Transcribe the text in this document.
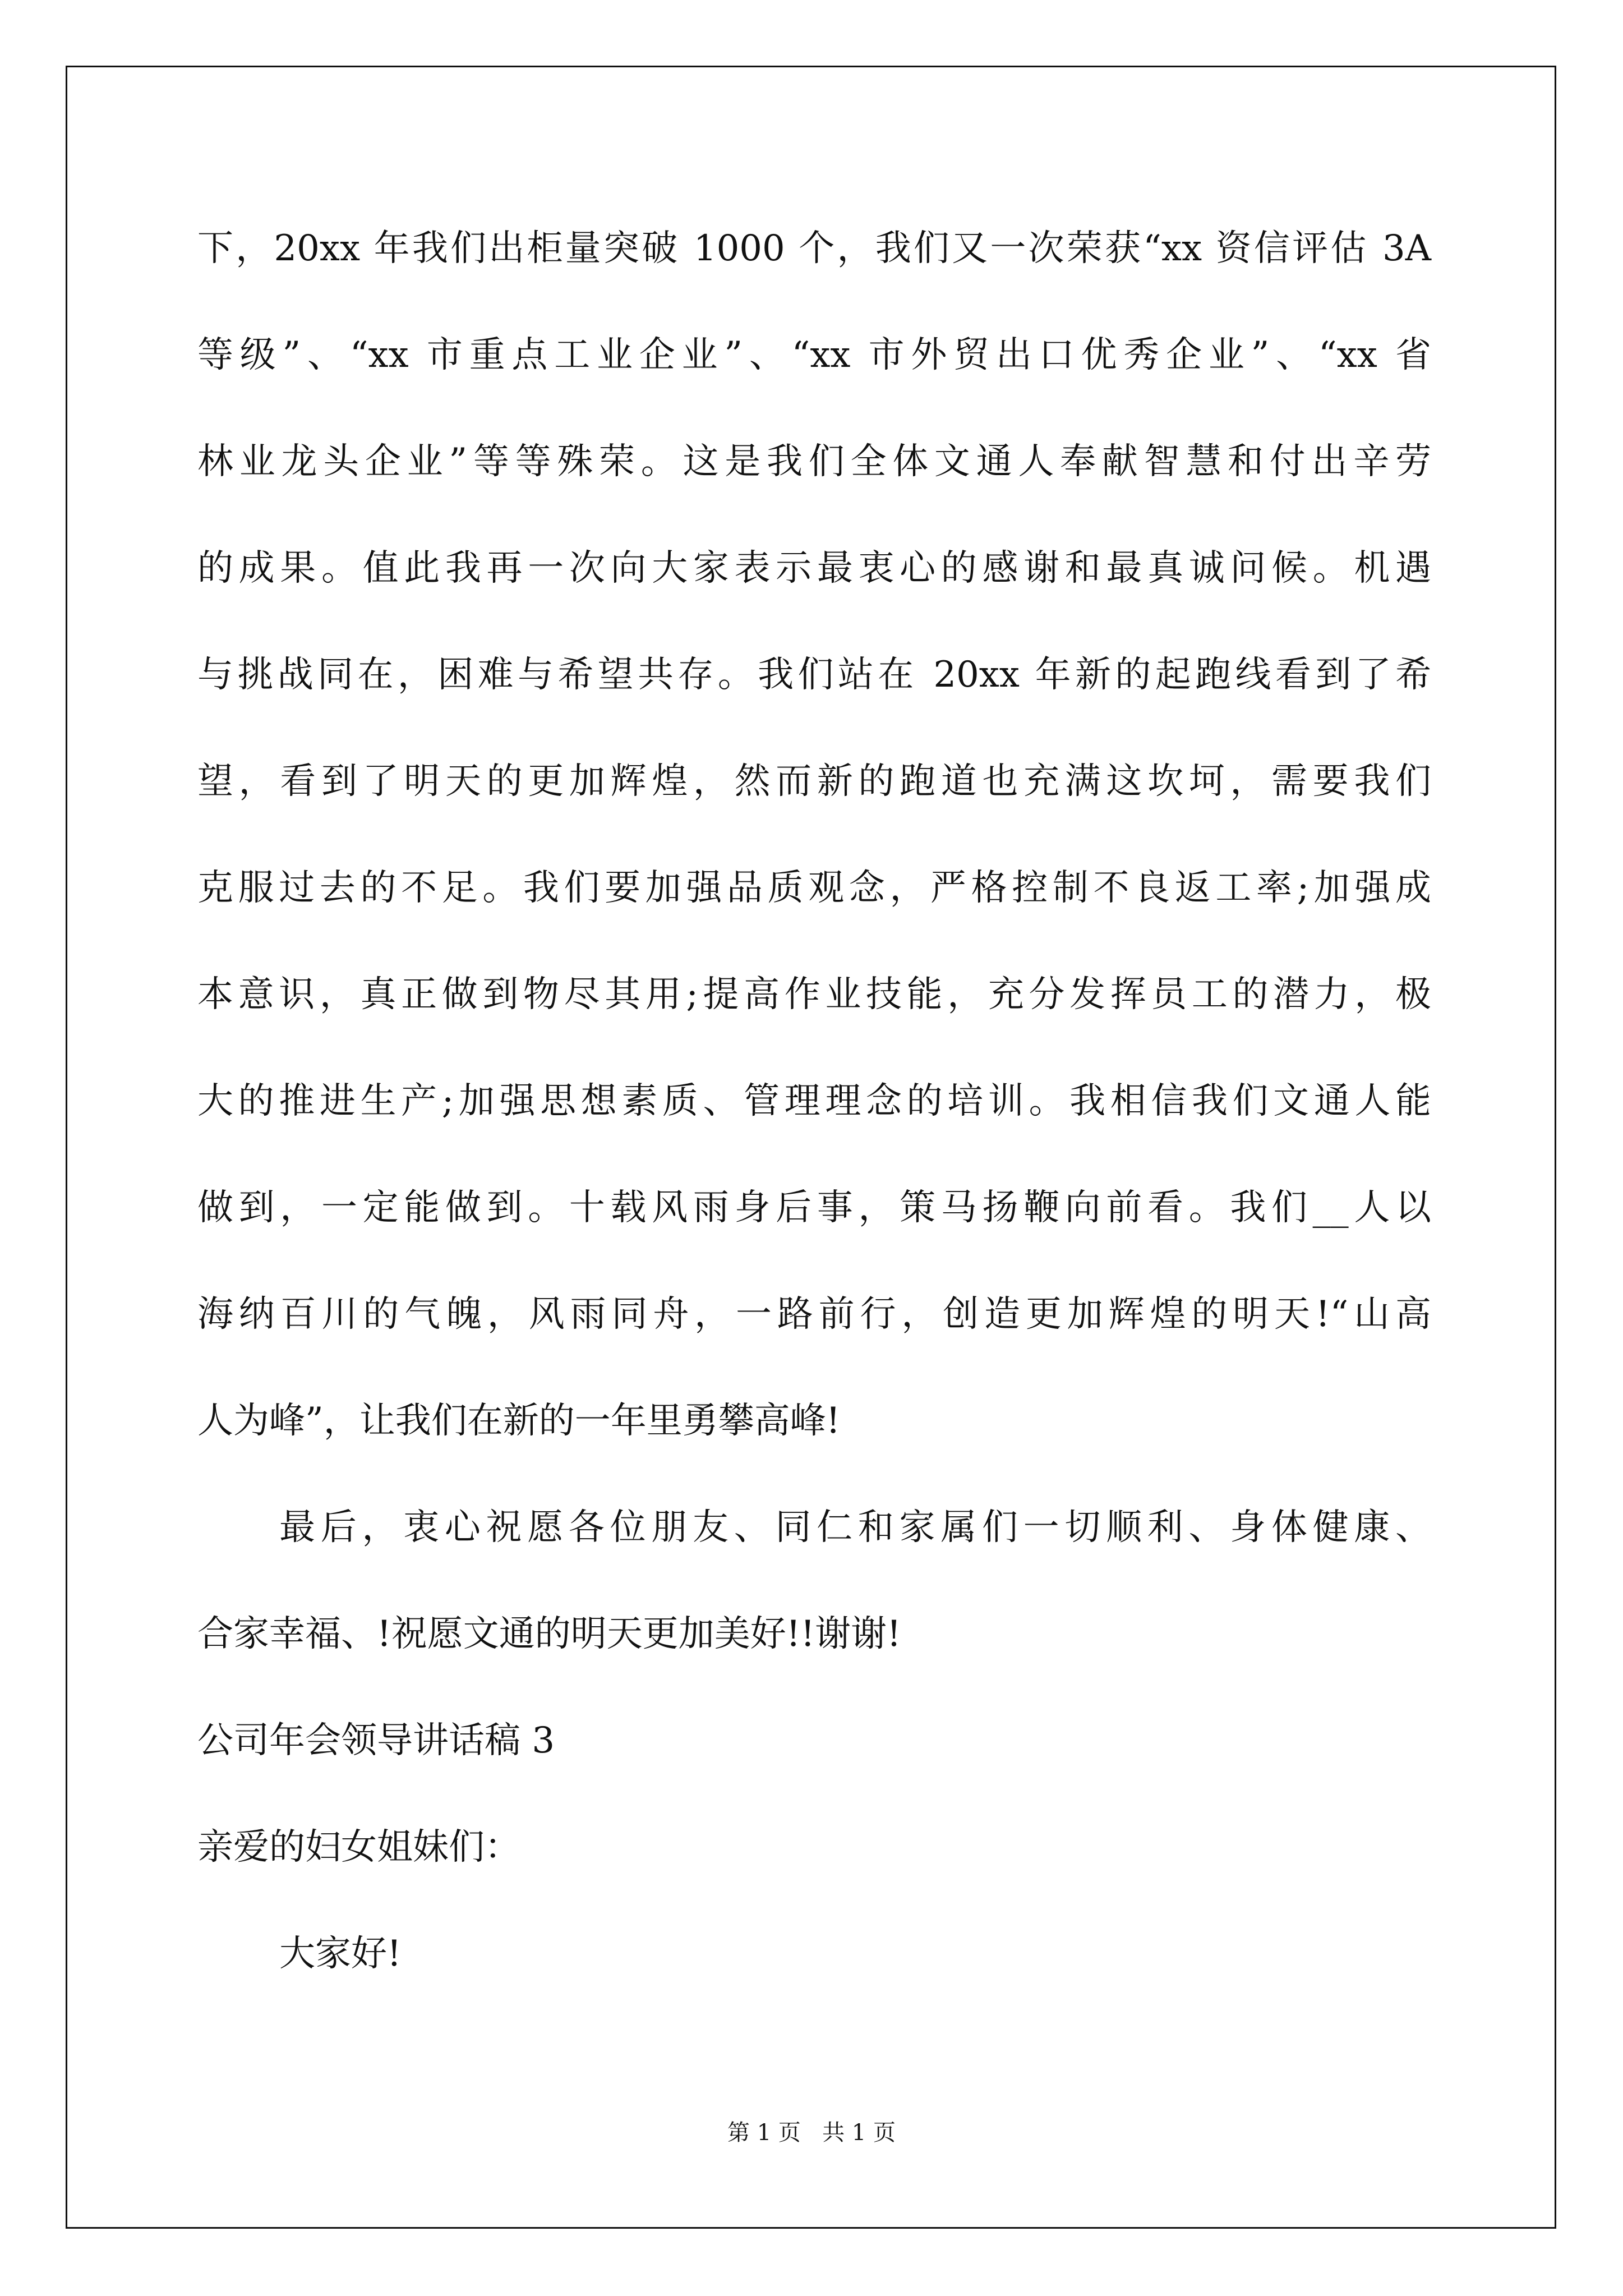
下，20xx 年我们出柜量突破 1000 个，我们又一次荣获“xx 资信评估 3A
等级”、“xx 市重点工业企业”、“xx 市外贸出口优秀企业”、“xx 省
林业龙头企业”等等殊荣。这是我们全体文通人奉献智慧和付出辛劳
的成果。值此我再一次向大家表示最衷心的感谢和最真诚问候。机遇
与挑战同在，困难与希望共存。我们站在 20xx 年新的起跑线看到了希
望，看到了明天的更加辉煌，然而新的跑道也充满这坎坷，需要我们
克服过去的不足。我们要加强品质观念，严格控制不良返工率;加强成
本意识，真正做到物尽其用;提高作业技能，充分发挥员工的潜力，极
大的推进生产;加强思想素质、管理理念的培训。我相信我们文通人能
做到，一定能做到。十载风雨身后事，策马扬鞭向前看。我们__人以
海纳百川的气魄，风雨同舟，一路前行，创造更加辉煌的明天!“山高
人为峰”，让我们在新的一年里勇攀高峰!
最后，衷心祝愿各位朋友、同仁和家属们一切顺利、身体健康、
合家幸福、!祝愿文通的明天更加美好!!谢谢!
公司年会领导讲话稿 3
亲爱的妇女姐妹们：
大家好!
第 1 页   共 1 页
